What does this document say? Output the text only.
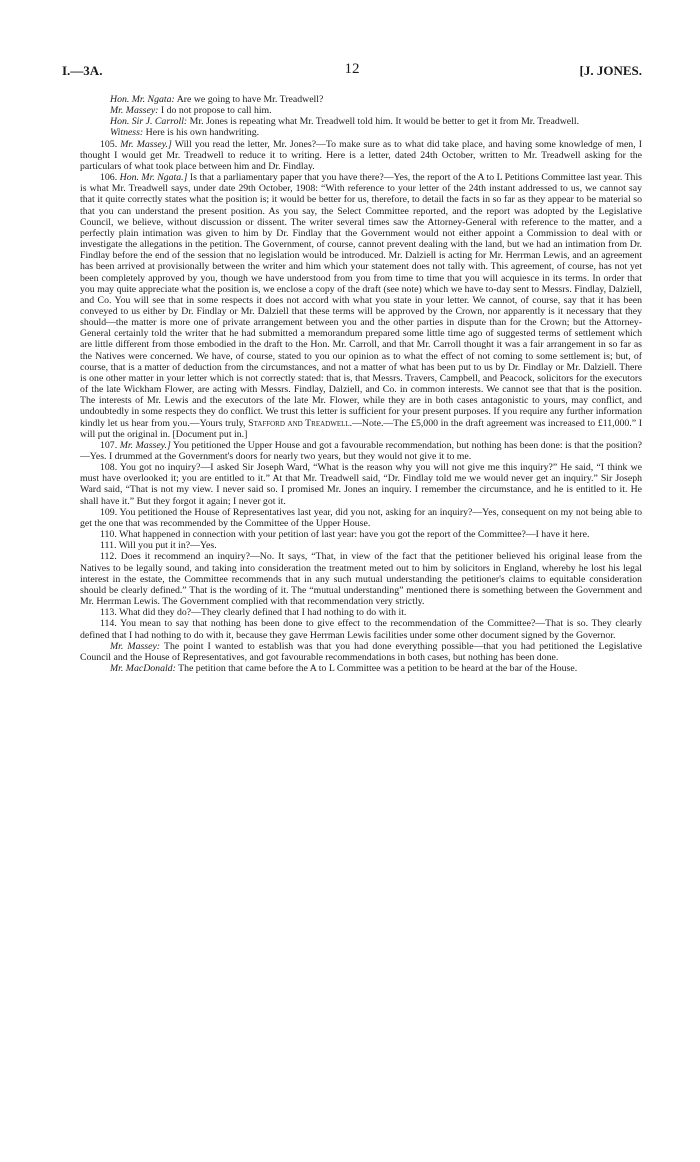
I.—3A.	12	[J. JONES.

Hon. Mr. Ngata: Are we going to have Mr. Treadwell?

Mr. Massey: I do not propose to call him.

Hon. Sir J. Carroll: Mr. Jones is repeating what Mr. Treadwell told him. It would be better to get it from Mr. Treadwell.

Witness: Here is his own handwriting.

105. Mr. Massey.] Will you read the letter, Mr. Jones?—To make sure as to what did take place, and having some knowledge of men, I thought I would get Mr. Treadwell to reduce it to writing. Here is a letter, dated 24th October, written to Mr. Treadwell asking for the particulars of what took place between him and Dr. Findlay.

106. Hon. Mr. Ngata.] Is that a parliamentary paper that you have there?—Yes, the report of the A to L Petitions Committee last year. This is what Mr. Treadwell says, under date 29th October, 1908: “With reference to your letter of the 24th instant addressed to us, we cannot say that it quite correctly states what the position is; it would be better for us, therefore, to detail the facts in so far as they appear to be material so that you can understand the present position. As you say, the Select Committee reported, and the report was adopted by the Legislative Council, we believe, without discussion or dissent. The writer several times saw the Attorney-General with reference to the matter, and a perfectly plain intimation was given to him by Dr. Findlay that the Government would not either appoint a Commission to deal with or investigate the allegations in the petition. The Government, of course, cannot prevent dealing with the land, but we had an intimation from Dr. Findlay before the end of the session that no legislation would be introduced. Mr. Dalziell is acting for Mr. Herrman Lewis, and an agreement has been arrived at provisionally between the writer and him which your statement does not tally with. This agreement, of course, has not yet been completely approved by you, though we have understood from you from time to time that you will acquiesce in its terms. In order that you may quite appreciate what the position is, we enclose a copy of the draft (see note) which we have to-day sent to Messrs. Findlay, Dalziell, and Co. You will see that in some respects it does not accord with what you state in your letter. We cannot, of course, say that it has been conveyed to us either by Dr. Findlay or Mr. Dalziell that these terms will be approved by the Crown, nor apparently is it necessary that they should—the matter is more one of private arrangement between you and the other parties in dispute than for the Crown; but the Attorney-General certainly told the writer that he had submitted a memorandum prepared some little time ago of suggested terms of settlement which are little different from those embodied in the draft to the Hon. Mr. Carroll, and that Mr. Carroll thought it was a fair arrangement in so far as the Natives were concerned. We have, of course, stated to you our opinion as to what the effect of not coming to some settlement is; but, of course, that is a matter of deduction from the circumstances, and not a matter of what has been put to us by Dr. Findlay or Mr. Dalziell. There is one other matter in your letter which is not correctly stated: that is, that Messrs. Travers, Campbell, and Peacock, solicitors for the executors of the late Wickham Flower, are acting with Messrs. Findlay, Dalziell, and Co. in common interests. We cannot see that that is the position. The interests of Mr. Lewis and the executors of the late Mr. Flower, while they are in both cases antagonistic to yours, may conflict, and undoubtedly in some respects they do conflict. We trust this letter is sufficient for your present purposes. If you require any further information kindly let us hear from you.—Yours truly, Stafford and Treadwell.—Note.—The £5,000 in the draft agreement was increased to £11,000.” I will put the original in. [Document put in.]

107. Mr. Massey.] You petitioned the Upper House and got a favourable recommendation, but nothing has been done: is that the position?—Yes. I drummed at the Government's doors for nearly two years, but they would not give it to me.

108. You got no inquiry?—I asked Sir Joseph Ward, “What is the reason why you will not give me this inquiry?” He said, “I think we must have overlooked it; you are entitled to it.” At that Mr. Treadwell said, “Dr. Findlay told me we would never get an inquiry.” Sir Joseph Ward said, “That is not my view. I never said so. I promised Mr. Jones an inquiry. I remember the circumstance, and he is entitled to it. He shall have it.” But they forgot it again; I never got it.

109. You petitioned the House of Representatives last year, did you not, asking for an inquiry?—Yes, consequent on my not being able to get the one that was recommended by the Committee of the Upper House.

110. What happened in connection with your petition of last year: have you got the report of the Committee?—I have it here.

111. Will you put it in?—Yes.

112. Does it recommend an inquiry?—No. It says, “That, in view of the fact that the petitioner believed his original lease from the Natives to be legally sound, and taking into consideration the treatment meted out to him by solicitors in England, whereby he lost his legal interest in the estate, the Committee recommends that in any such mutual understanding the petitioner's claims to equitable consideration should be clearly defined.” That is the wording of it. The “mutual understanding” mentioned there is something between the Government and Mr. Herrman Lewis. The Government complied with that recommendation very strictly.

113. What did they do?—They clearly defined that I had nothing to do with it.

114. You mean to say that nothing has been done to give effect to the recommendation of the Committee?—That is so. They clearly defined that I had nothing to do with it, because they gave Herrman Lewis facilities under some other document signed by the Governor.

Mr. Massey: The point I wanted to establish was that you had done everything possible—that you had petitioned the Legislative Council and the House of Representatives, and got favourable recommendations in both cases, but nothing has been done.

Mr. MacDonald: The petition that came before the A to L Committee was a petition to be heard at the bar of the House.
